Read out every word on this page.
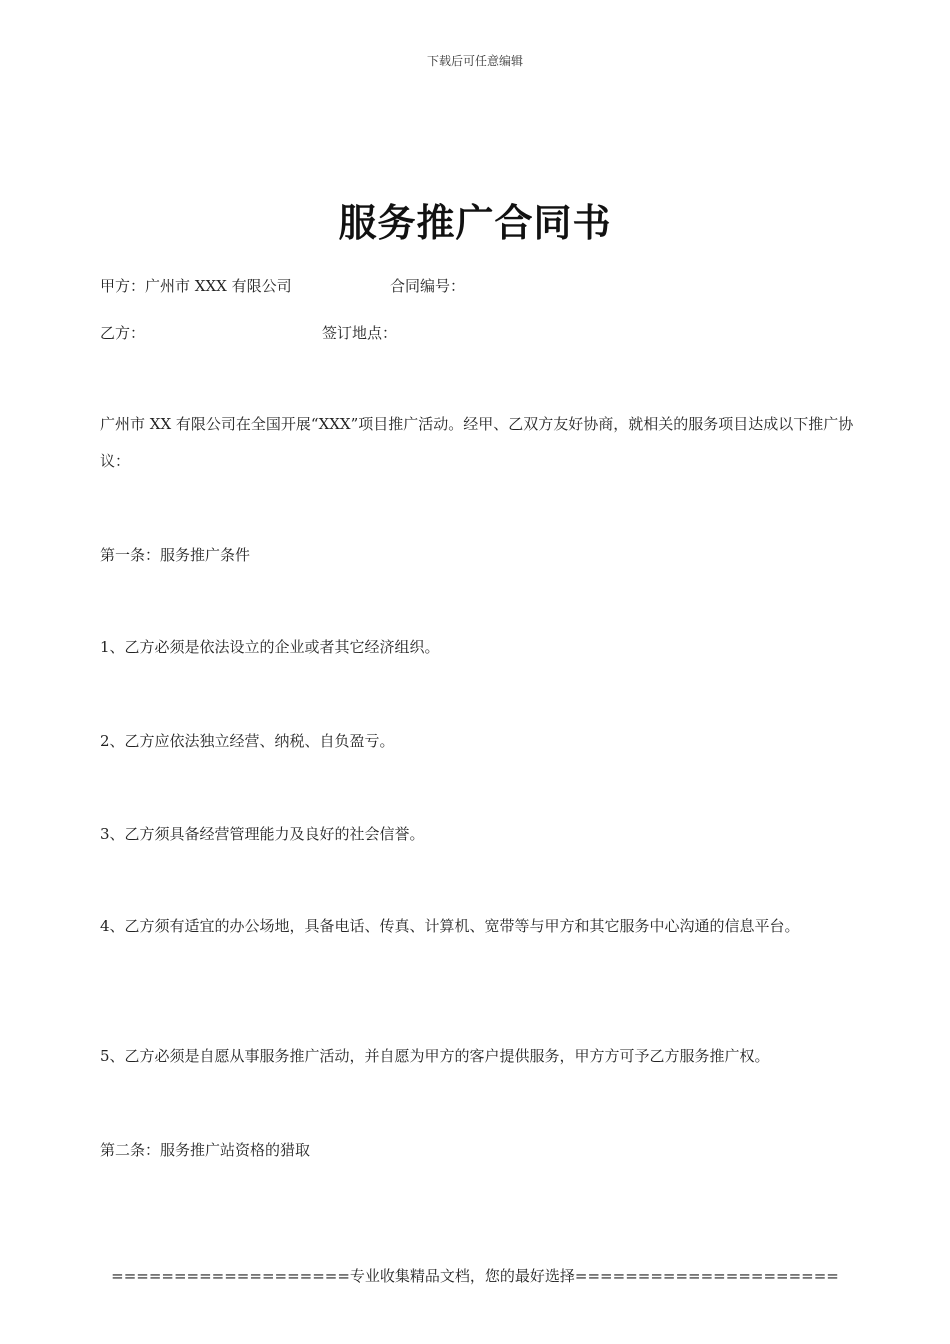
下载后可任意编辑
服务推广合同书
甲方：广州市 XXX 有限公司	合同编号：
乙方：	签订地点：
广州市 XX 有限公司在全国开展“XXX”项目推广活动。经甲、乙双方友好协商，就相关的服务项目达成以下推广协议：
第一条：服务推广条件
1、乙方必须是依法设立的企业或者其它经济组织。
2、乙方应依法独立经营、纳税、自负盈亏。
3、乙方须具备经营管理能力及良好的社会信誉。
4、乙方须有适宜的办公场地，具备电话、传真、计算机、宽带等与甲方和其它服务中心沟通的信息平台。
5、乙方必须是自愿从事服务推广活动，并自愿为甲方的客户提供服务，甲方方可予乙方服务推广权。
第二条：服务推广站资格的猎取
===================专业收集精品文档，您的最好选择=====================
